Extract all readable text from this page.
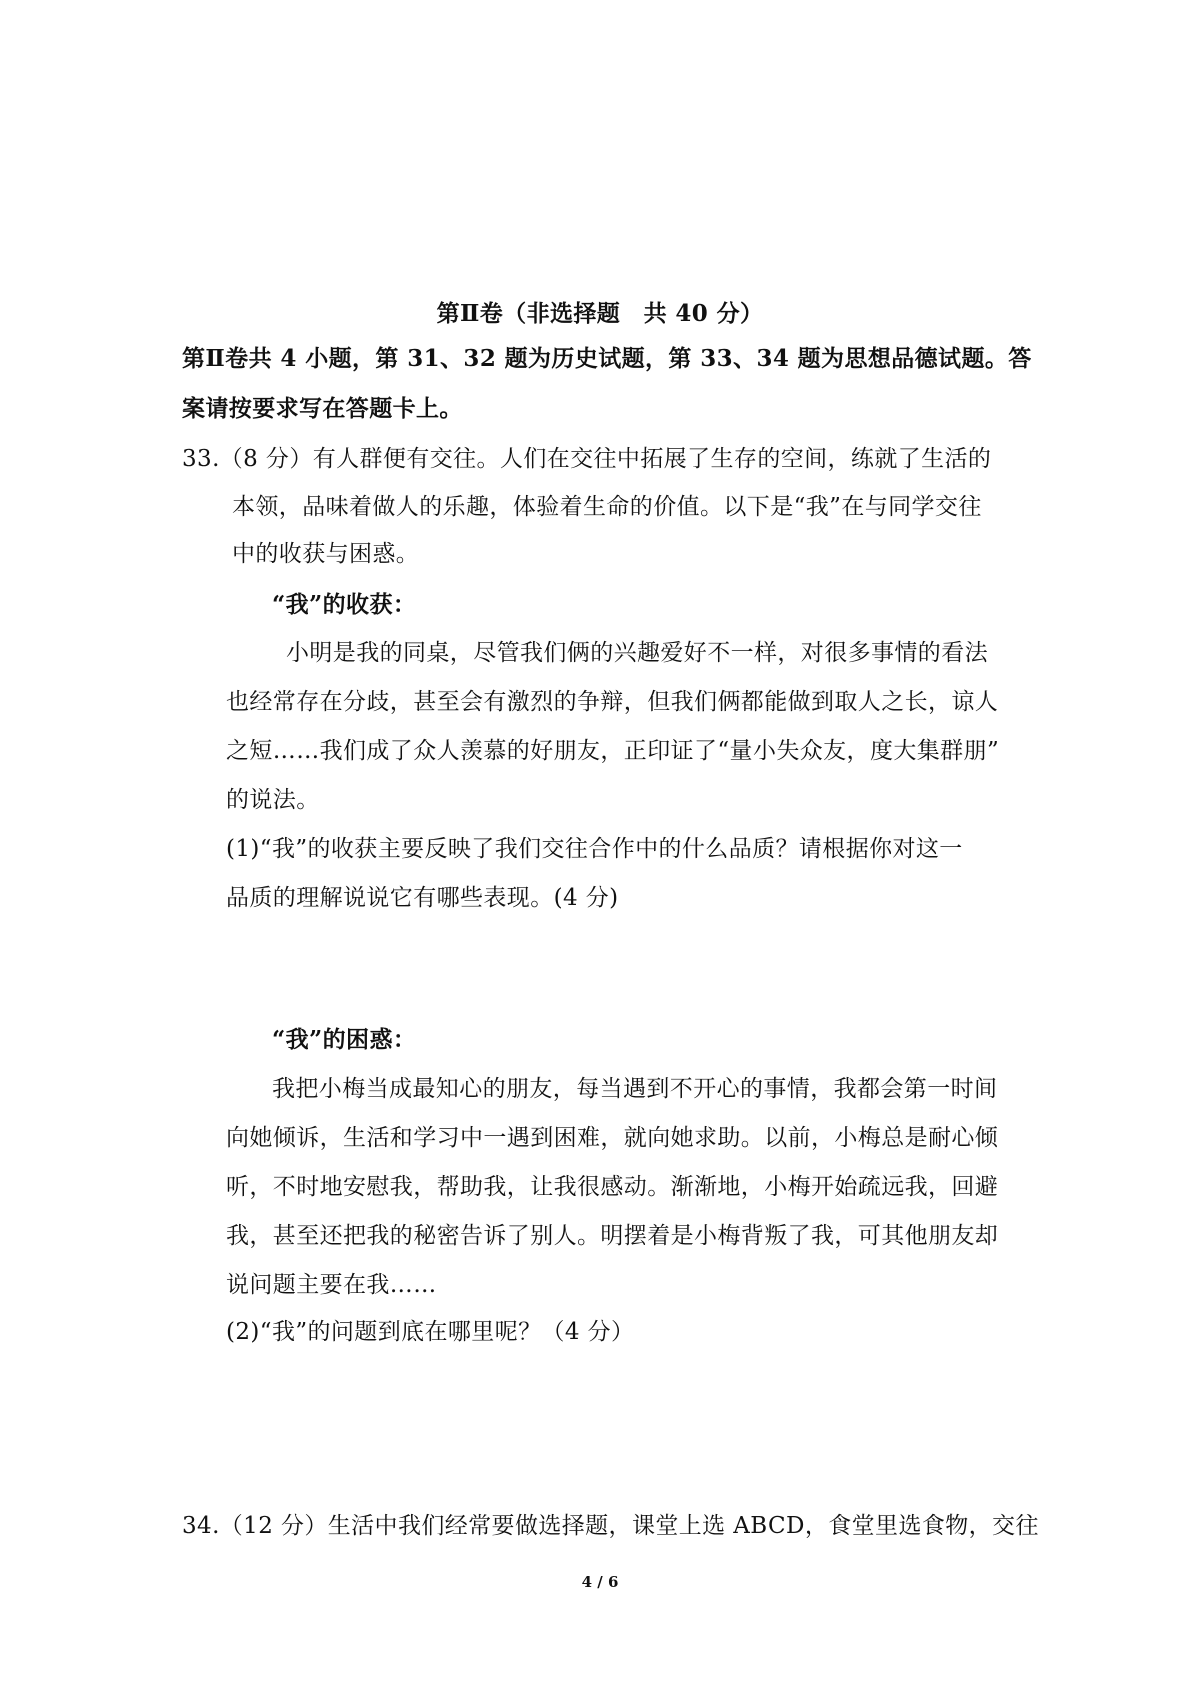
第Ⅱ卷（非选择题　共 40 分）
第Ⅱ卷共 4 小题，第 31、32 题为历史试题，第 33、34 题为思想品德试题。答
案请按要求写在答题卡上。
33.（8 分）有人群便有交往。人们在交往中拓展了生存的空间，练就了生活的
本领，品味着做人的乐趣，体验着生命的价值。以下是“我”在与同学交往
中的收获与困惑。
“我”的收获：
小明是我的同桌，尽管我们俩的兴趣爱好不一样，对很多事情的看法
也经常存在分歧，甚至会有激烈的争辩，但我们俩都能做到取人之长，谅人
之短……我们成了众人羡慕的好朋友，正印证了“量小失众友，度大集群朋”
的说法。
(1)“我”的收获主要反映了我们交往合作中的什么品质？请根据你对这一
品质的理解说说它有哪些表现。(4 分)
“我”的困惑：
我把小梅当成最知心的朋友，每当遇到不开心的事情，我都会第一时间
向她倾诉，生活和学习中一遇到困难，就向她求助。以前，小梅总是耐心倾
听，不时地安慰我，帮助我，让我很感动。渐渐地，小梅开始疏远我，回避
我，甚至还把我的秘密告诉了别人。明摆着是小梅背叛了我，可其他朋友却
说问题主要在我……
(2)“我”的问题到底在哪里呢？（4 分）
34.（12 分）生活中我们经常要做选择题，课堂上选 ABCD，食堂里选食物，交往
4 / 6
